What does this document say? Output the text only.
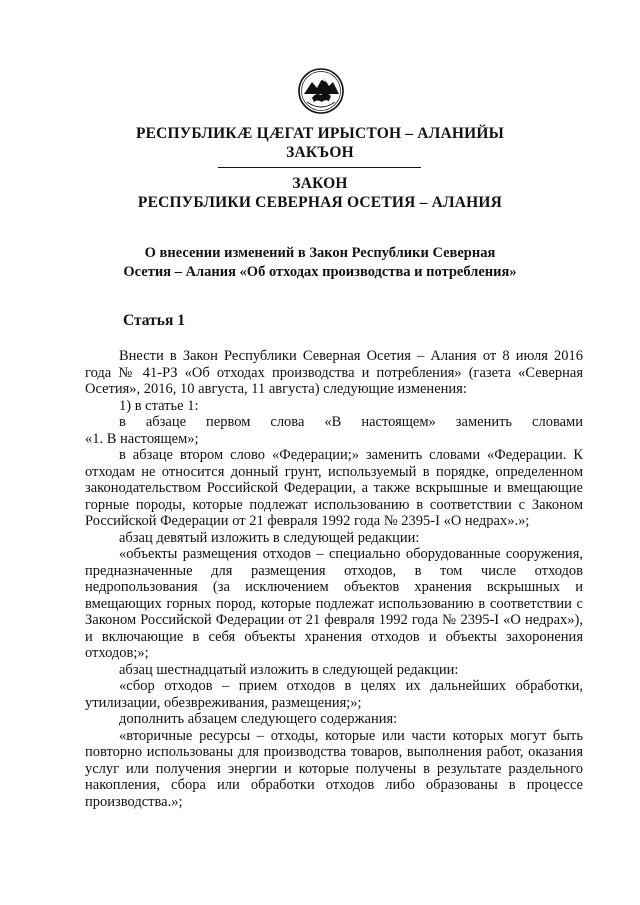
РЕСПУБЛИКÆ ЦÆГАТ ИРЫСТОН – АЛАНИЙЫ
ЗАКЪОН
ЗАКОН
РЕСПУБЛИКИ СЕВЕРНАЯ ОСЕТИЯ – АЛАНИЯ
О внесении изменений в Закон Республики Северная
Осетия – Алания «Об отходах производства и потребления»
Статья 1

Внести в Закон Республики Северная Осетия – Алания от 8 июля 2016 года № 41-РЗ «Об отходах производства и потребления» (газета «Северная Осетия», 2016, 10 августа, 11 августа) следующие изменения:

1) в статье 1:

в абзаце первом слова «В настоящем» заменить словами

«1. В настоящем»;

в абзаце втором слово «Федерации;» заменить словами «Федерации. К отходам не относится донный грунт, используемый в порядке, определенном законодательством Российской Федерации, а также вскрышные и вмещающие горные породы, которые подлежат использованию в соответствии с Законом Российской Федерации от 21 февраля 1992 года № 2395-I «О недрах».»;

абзац девятый изложить в следующей редакции:

«объекты размещения отходов – специально оборудованные сооружения, предназначенные для размещения отходов, в том числе отходов недропользования (за исключением объектов хранения вскрышных и вмещающих горных пород, которые подлежат использованию в соответствии с Законом Российской Федерации от 21 февраля 1992 года № 2395-I «О недрах»), и включающие в себя объекты хранения отходов и объекты захоронения отходов;»;

абзац шестнадцатый изложить в следующей редакции:

«сбор отходов – прием отходов в целях их дальнейших обработки, утилизации, обезвреживания, размещения;»;

дополнить абзацем следующего содержания:

«вторичные ресурсы – отходы, которые или части которых могут быть повторно использованы для производства товаров, выполнения работ, оказания услуг или получения энергии и которые получены в результате раздельного накопления, сбора или обработки отходов либо образованы в процессе производства.»;
